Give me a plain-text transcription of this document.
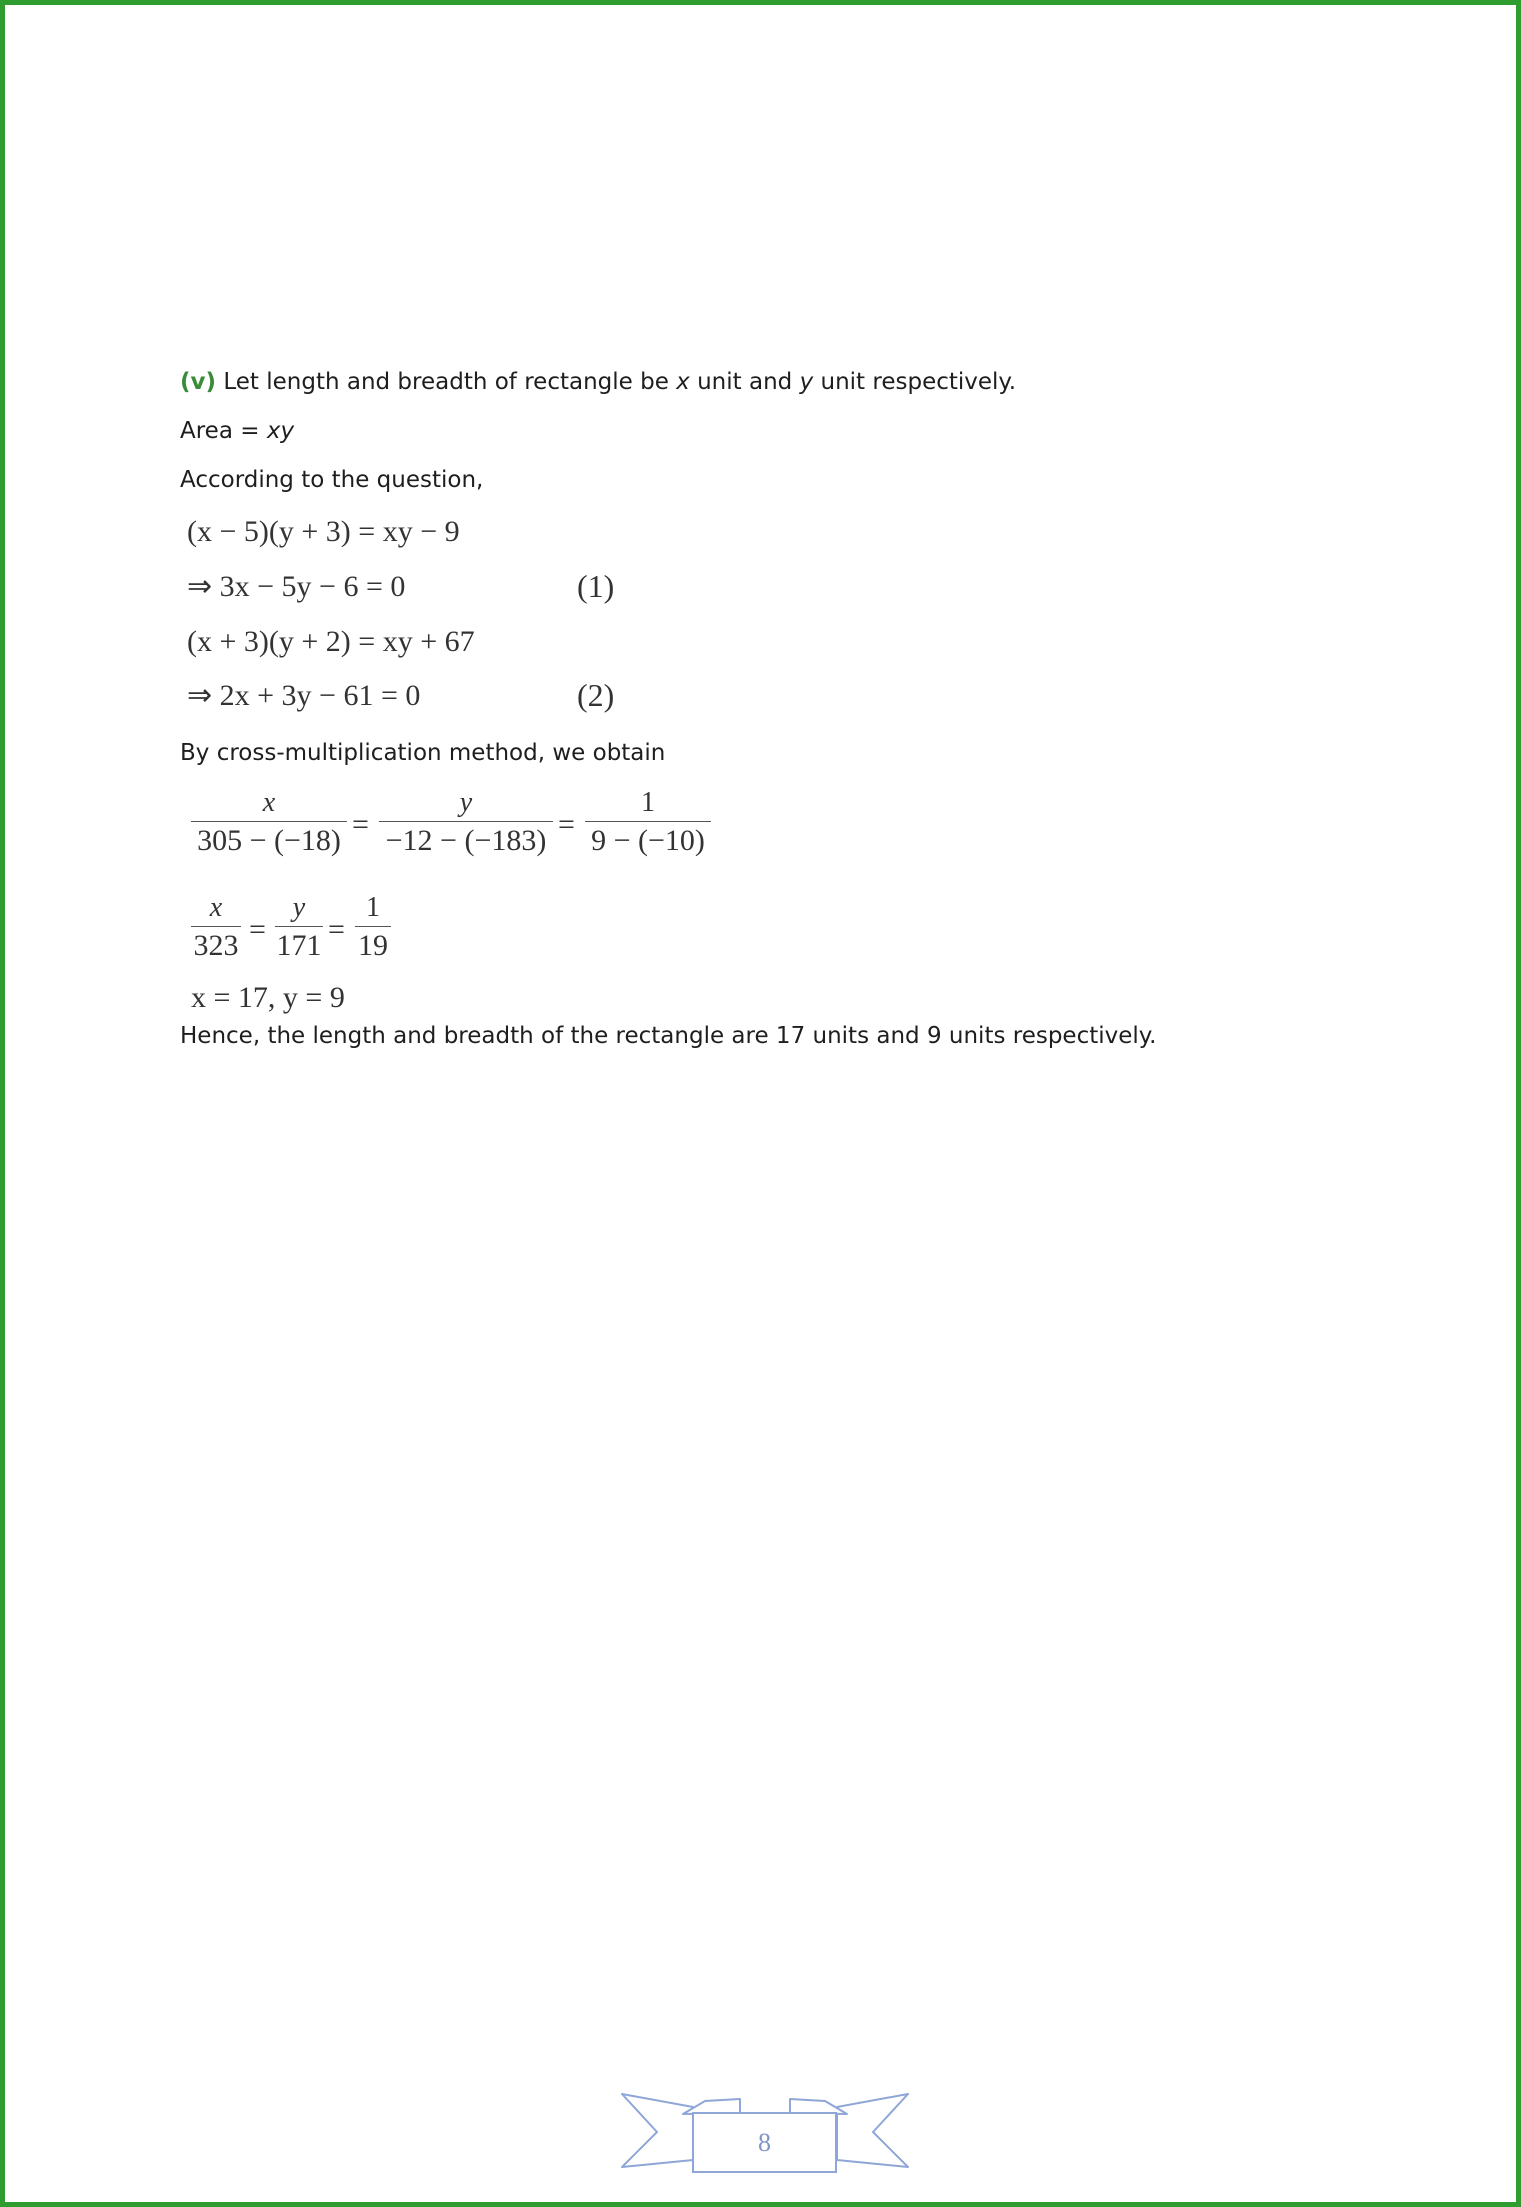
(v) Let length and breadth of rectangle be x unit and y unit respectively.
Area = xy
According to the question,
(x − 5)(y + 3) = xy − 9
⇒ 3x − 5y − 6 = 0	(1)
(x + 3)(y + 2) = xy + 67
⇒ 2x + 3y − 61 = 0	(2)
By cross-multiplication method, we obtain
x
305 − (−18) =
y
−12 − (−183) =
1
9 − (−10)
x
323 =
y
171 =
1
19
x = 17, y = 9
Hence, the length and breadth of the rectangle are 17 units and 9 units respectively.
8
